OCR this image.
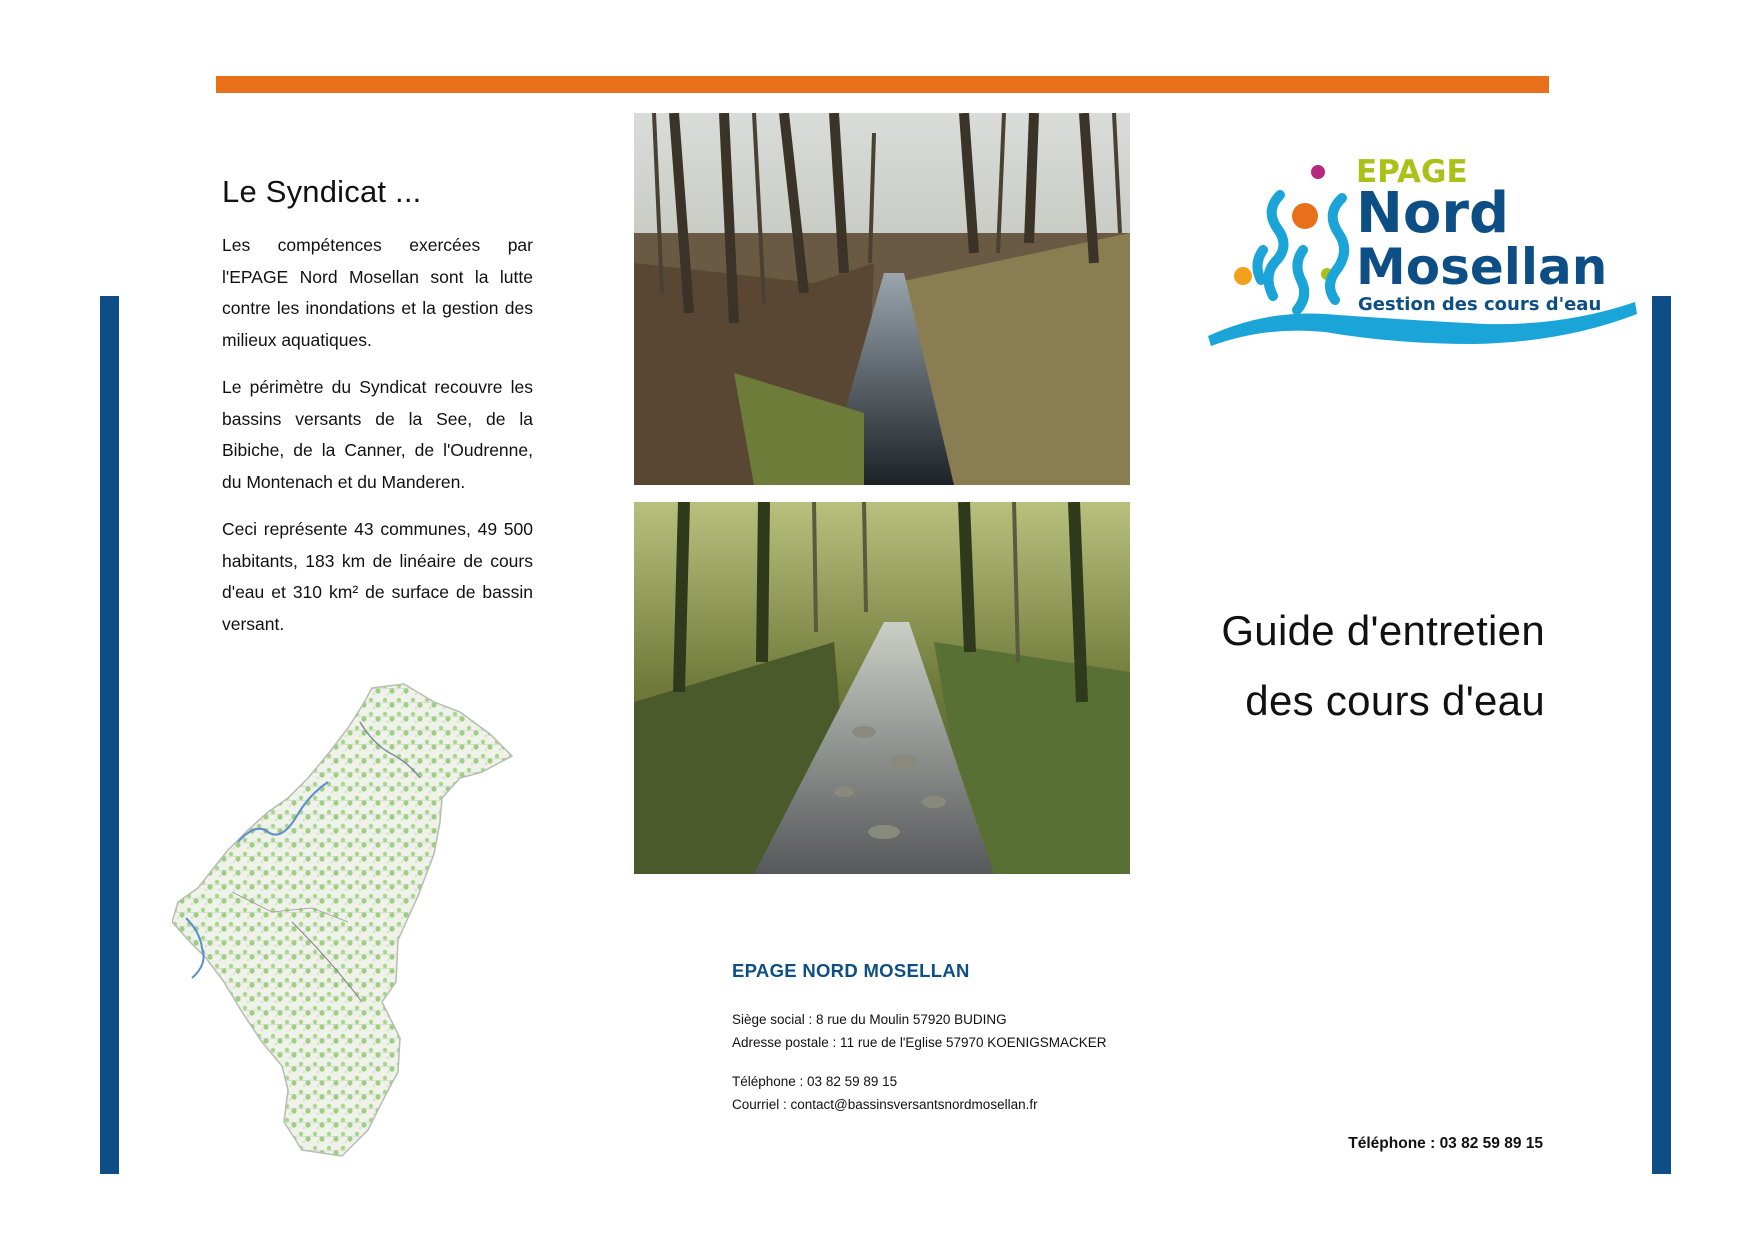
Le Syndicat ...

Les compétences exercées par l'EPAGE Nord Mosellan sont la lutte contre les inondations et la gestion des milieux aquatiques.

Le périmètre du Syndicat recouvre les bassins versants de la See, de la Bibiche, de la Canner, de l'Oudrenne, du Montenach et du Manderen.

Ceci représente 43 communes, 49 500 habitants, 183 km de linéaire de cours d'eau et 310 km² de surface de bassin versant.

EPAGE NORD MOSELLAN
Siège social : 8 rue du Moulin 57920 BUDING
Adresse postale : 11 rue de l'Eglise 57970 KOENIGSMACKER
Téléphone : 03 82 59 89 15
Courriel : contact@bassinsversantsnordmosellan.fr
EPAGE
Nord
Mosellan
Gestion des cours d'eau
Guide d'entretien
des cours d'eau
Téléphone : 03 82 59 89 15
